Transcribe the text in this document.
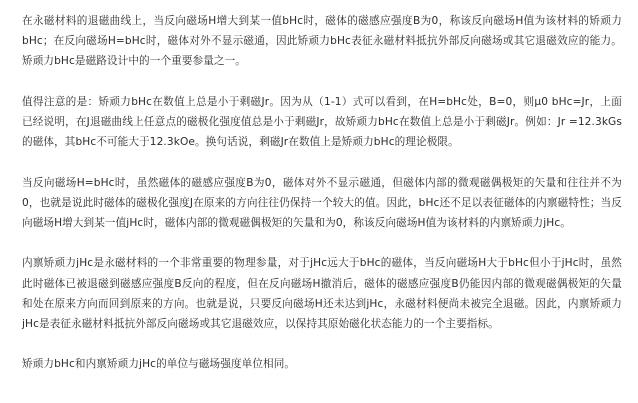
在永磁材料的退磁曲线上，当反向磁场H增大到某一值bHc时，磁体的磁感应强度B为0，称该反向磁场H值为该材料的矫顽力bHc；在反向磁场H=bHc时，磁体对外不显示磁通，因此矫顽力bHc表征永磁材料抵抗外部反向磁场或其它退磁效应的能力。矫顽力bHc是磁路设计中的一个重要参量之一。

值得注意的是：矫顽力bHc在数值上总是小于剩磁Jr。因为从（1-1）式可以看到，在H=bHc处，B=0，则μ0 bHc=Jr，上面已经说明，在J退磁曲线上任意点的磁极化强度值总是小于剩磁Jr，故矫顽力bHc在数值上总是小于剩磁Jr。例如：Jr =12.3kGs的磁体，其bHc不可能大于12.3kOe。换句话说，剩磁Jr在数值上是矫顽力bHc的理论极限。

当反向磁场H=bHc时，虽然磁体的磁感应强度B为0，磁体对外不显示磁通，但磁体内部的微观磁偶极矩的矢量和往往并不为0，也就是说此时磁体的磁极化强度J在原来的方向往往仍保持一个较大的值。因此，bHc还不足以表征磁体的内禀磁特性；当反向磁场H增大到某一值jHc时，磁体内部的微观磁偶极矩的矢量和为0，称该反向磁场H值为该材料的内禀矫顽力jHc。

内禀矫顽力jHc是永磁材料的一个非常重要的物理参量，对于jHc远大于bHc的磁体，当反向磁场H大于bHc但小于jHc时，虽然此时磁体已被退磁到磁感应强度B反向的程度，但在反向磁场H撤消后，磁体的磁感应强度B仍能因内部的微观磁偶极矩的矢量和处在原来方向而回到原来的方向。也就是说，只要反向磁场H还未达到jHc，永磁材料便尚未被完全退磁。因此，内禀矫顽力jHc是表征永磁材料抵抗外部反向磁场或其它退磁效应，以保持其原始磁化状态能力的一个主要指标。

矫顽力bHc和内禀矫顽力jHc的单位与磁场强度单位相同。
